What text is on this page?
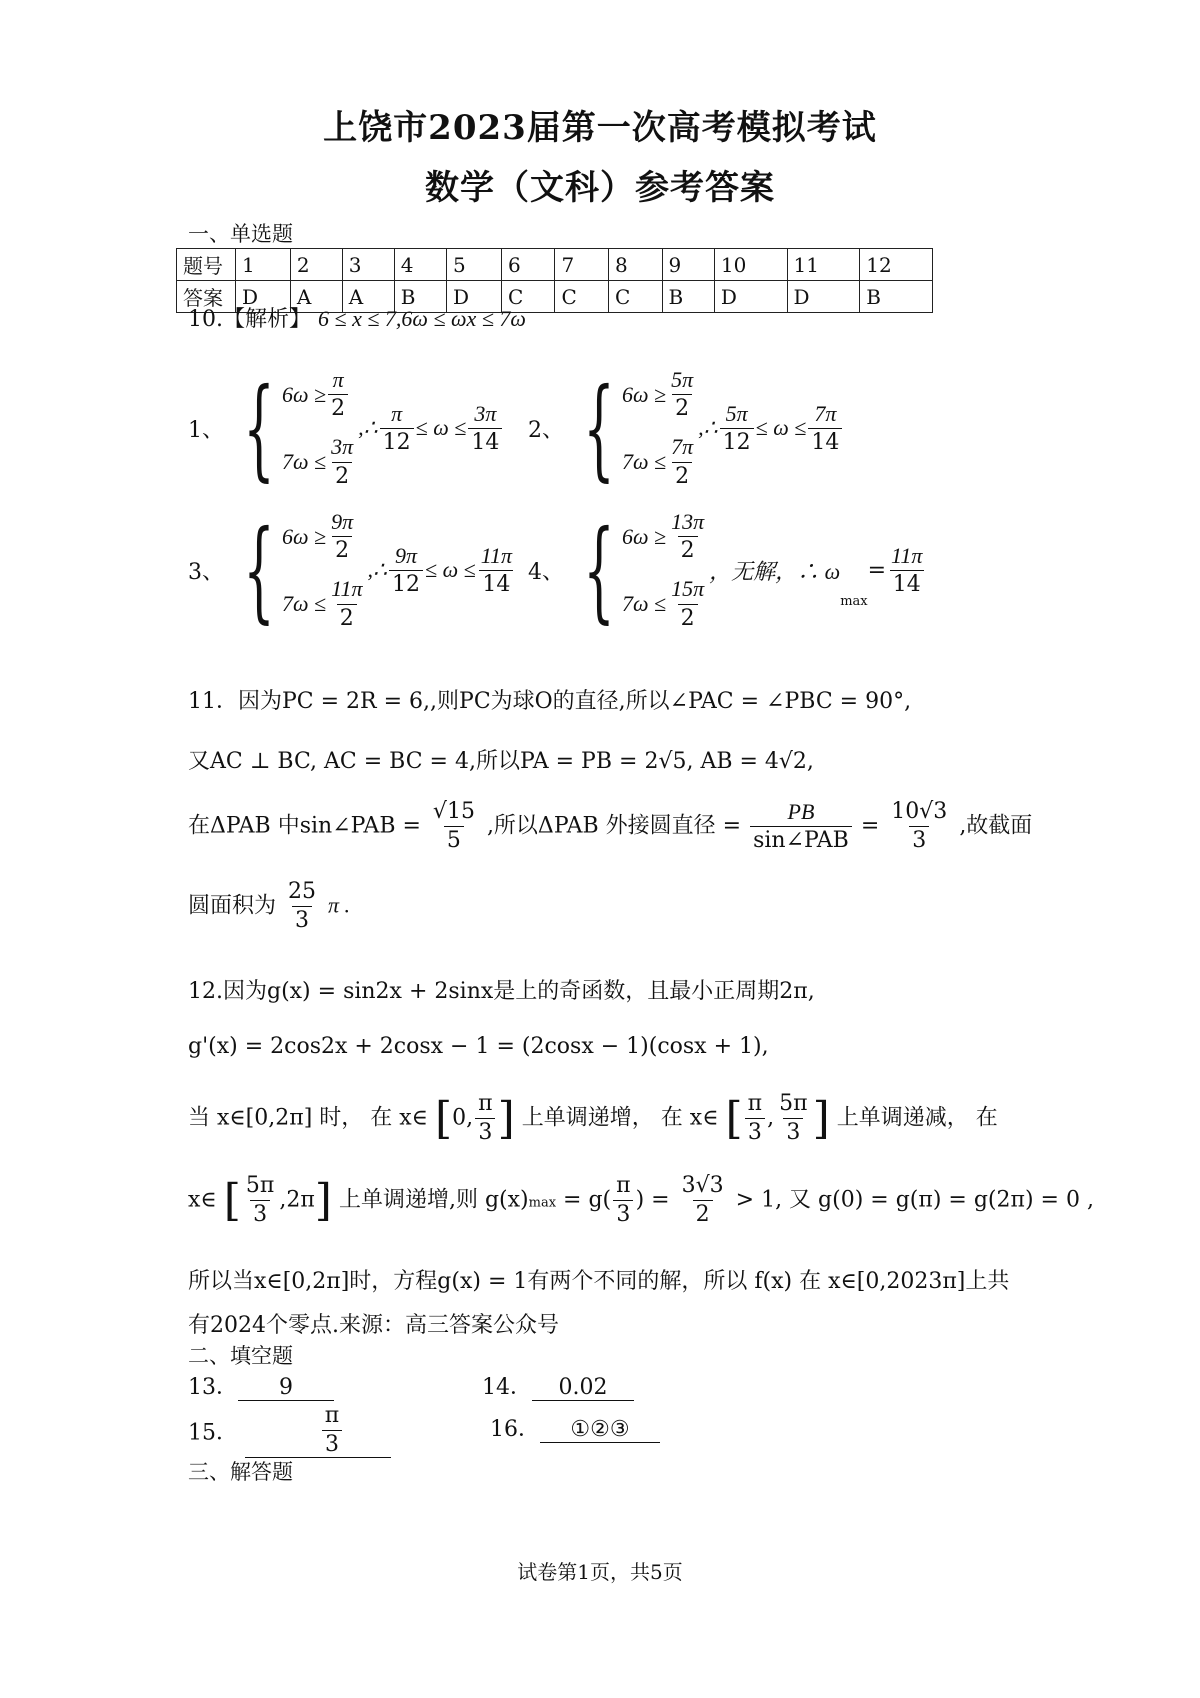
上饶市2023届第一次高考模拟考试
数学（文科）参考答案
一、单选题
题号	1	2	3	4	5	6	7	8	9	10	11	12
答案	D	A	A	B	D	C	C	C	B	D	D	B
10.【解析】 6 ≤ x ≤ 7,6ω ≤ ωx ≤ 7ω
1、 { $6\omega \ge \frac{\pi}{2}$
$7\omega \le \frac{3\pi}{2}$
,∴ $\frac{\pi}{12} \le \omega \le \frac{3\pi}{14} 2$、 { $6\omega \ge \frac{5\pi}{2}$
$7\omega \le \frac{7\pi}{2}$
,∴ $\frac{5\pi}{12} \le \omega \le \frac{7\pi}{14}$
3、 { $6\omega \ge \frac{9\pi}{2}$
$7\omega \le \frac{11\pi}{2}$
,∴ $\frac{9\pi}{12} \le \omega \le \frac{11\pi}{14} 4$、 { $6\omega \ge \frac{13\pi}{2}$
$7\omega \le \frac{15\pi}{2}$
，无解，∴ ω
max
= $\frac{11\pi}{14}$
11．因为PC = 2R = 6,,则PC为球O的直径,所以∠PAC = ∠PBC = 90°,
又AC ⊥ BC, AC = BC = 4,所以PA = PB = 2√5, AB = 4√2,
在ΔPAB 中sin∠PAB = $\frac{√15}{5}$ ,所以ΔPAB 外接圆直径 = $\frac{PB}{\text{sin∠PAB}} = \frac{10√3}{3}$ ,故截面
圆面积为 $\frac{25}{3}$ π .
12.因为g(x) = sin2x + 2sinx是上的奇函数，且最小正周期2π,
g'(x) = 2cos2x + 2cosx − 1 = (2cosx − 1)(cosx + 1),
当 x∈[0,2π] 时， 在 x∈ [0, $\frac{\pi}{3}$ ] 上单调递增， 在 x∈ [ $\frac{\pi}{3}$ , $\frac{5\pi}{3}$ ] 上单调递减， 在
x∈ [ $\frac{5\pi}{3} ,2\pi$] 上单调递增,则 $g(x)\max = g( \frac{\pi}{3}$ ) = $\frac{3√3}{2} > 1$, 又 g(0) = g(π) = g(2π) = 0 ,
所以当x∈[0,2π]时，方程g(x) = 1有两个不同的解，所以 f(x) 在 x∈[0,2023π]上共
有2024个零点.来源：高三答案公众号
二、填空题
13． 9	14． 0.02
15．	$\frac{\pi}{3}$	16． ①②③
三、解答题
试卷第1页，共5页
